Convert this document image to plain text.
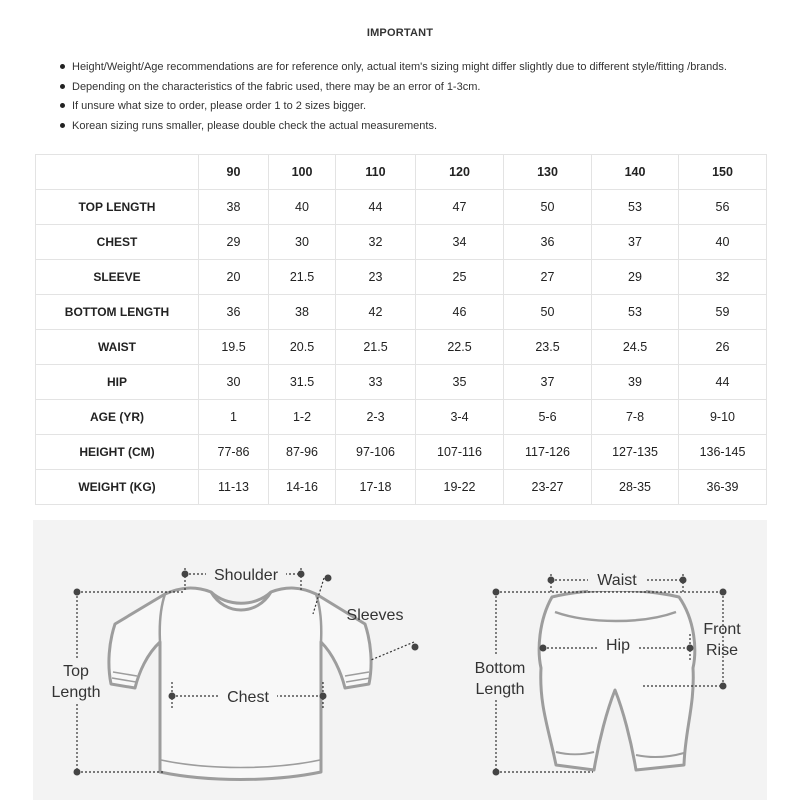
IMPORTANT
Height/Weight/Age recommendations are for reference only, actual item's sizing might differ slightly due to different style/fitting /brands.
Depending on the characteristics of the fabric used, there may be an error of 1-3cm.
If unsure what size to order, please order 1 to 2 sizes bigger.
Korean sizing runs smaller, please double check the actual measurements.
	90	100	110	120	130	140	150
TOP LENGTH	38	40	44	47	50	53	56
CHEST	29	30	32	34	36	37	40
SLEEVE	20	21.5	23	25	27	29	32
BOTTOM LENGTH	36	38	42	46	50	53	59
WAIST	19.5	20.5	21.5	22.5	23.5	24.5	26
HIP	30	31.5	33	35	37	39	44
AGE (YR)	1	1-2	2-3	3-4	5-6	7-8	9-10
HEIGHT (CM)	77-86	87-96	97-106	107-116	117-126	127-135	136-145
WEIGHT (KG)	11-13	14-16	17-18	19-22	23-27	28-35	36-39
Shoulder
Sleeves
Top
Length	Chest
Waist
Hip
Front
Rise
Bottom
Length
